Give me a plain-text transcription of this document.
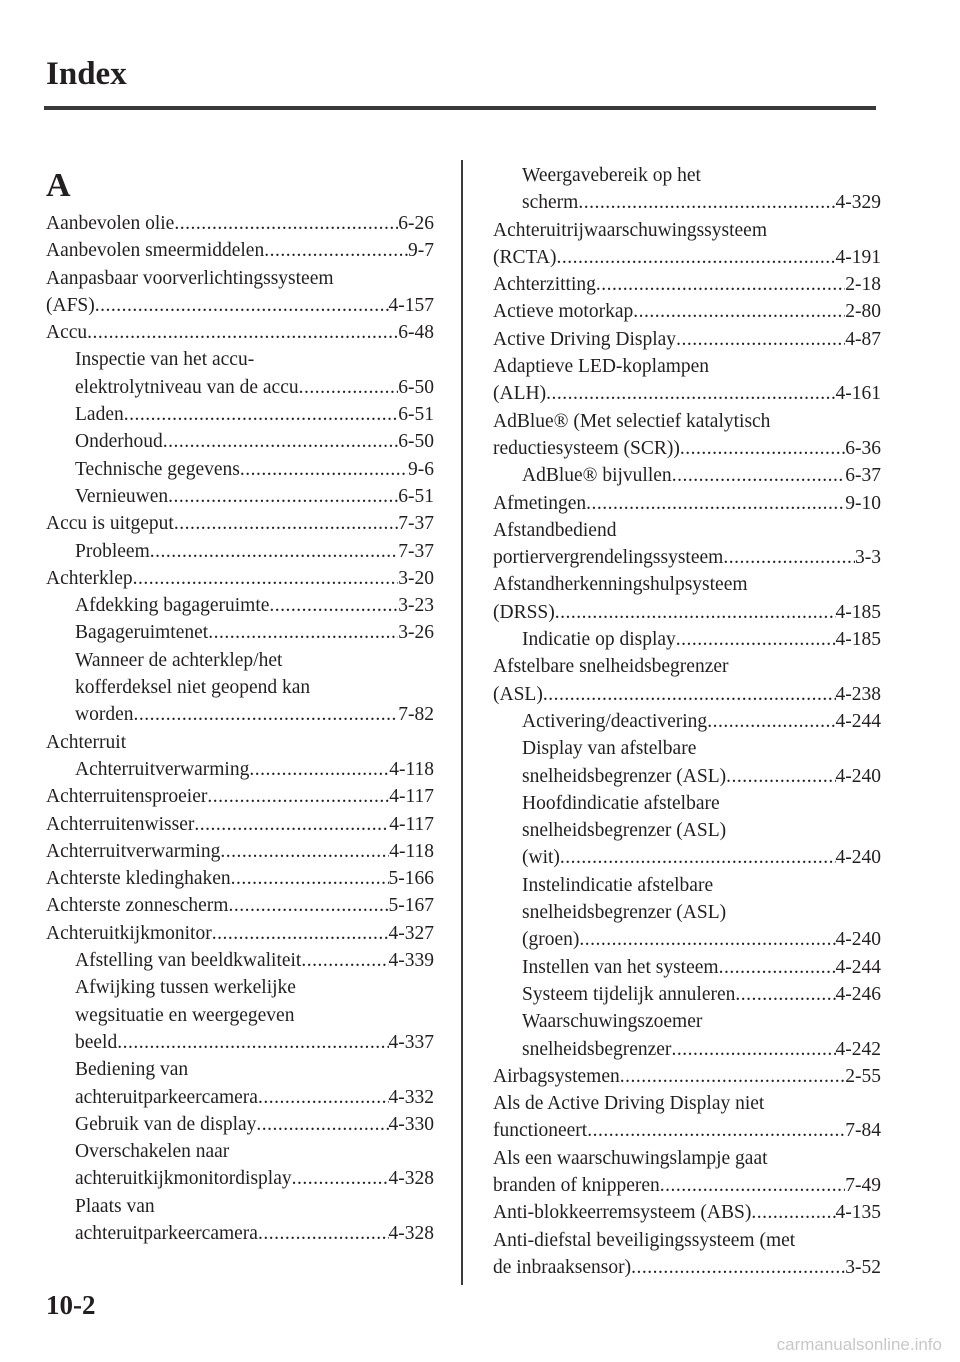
Index
A
Aanbevolen olie .....	6-26
Aanbevolen smeermiddelen .....	9-7
Aanpasbaar voorverlichtingssysteem
(AFS) .....	4-157
Accu .....	6-48
Inspectie van het accu-
elektrolytniveau van de accu .....	6-50
Laden .....	6-51
Onderhoud .....	6-50
Technische gegevens .....	9-6
Vernieuwen .....	6-51
Accu is uitgeput .....	7-37
Probleem .....	7-37
Achterklep .....	3-20
Afdekking bagageruimte .....	3-23
Bagageruimtenet .....	3-26
Wanneer de achterklep/het
kofferdeksel niet geopend kan
worden .....	7-82
Achterruit
Achterruitverwarming .....	4-118
Achterruitensproeier .....	4-117
Achterruitenwisser .....	4-117
Achterruitverwarming .....	4-118
Achterste kledinghaken .....	5-166
Achterste zonnescherm .....	5-167
Achteruitkijkmonitor .....	4-327
Afstelling van beeldkwaliteit .....	4-339
Afwijking tussen werkelijke
wegsituatie en weergegeven
beeld .....	4-337
Bediening van
achteruitparkeercamera .....	4-332
Gebruik van de display .....	4-330
Overschakelen naar
achteruitkijkmonitordisplay .....	4-328
Plaats van
achteruitparkeercamera .....	4-328
Weergavebereik op het
scherm .....	4-329
Achteruitrijwaarschuwingssysteem
(RCTA) .....	4-191
Achterzitting .....	2-18
Actieve motorkap .....	2-80
Active Driving Display .....	4-87
Adaptieve LED-koplampen
(ALH) .....	4-161
AdBlue® (Met selectief katalytisch
reductiesysteem (SCR)) .....	6-36
AdBlue® bijvullen .....	6-37
Afmetingen .....	9-10
Afstandbediend
portiervergrendelingssysteem .....	3-3
Afstandherkenningshulpsysteem
(DRSS) .....	4-185
Indicatie op display .....	4-185
Afstelbare snelheidsbegrenzer
(ASL) .....	4-238
Activering/deactivering .....	4-244
Display van afstelbare
snelheidsbegrenzer (ASL) .....	4-240
Hoofdindicatie afstelbare
snelheidsbegrenzer (ASL)
(wit) .....	4-240
Instelindicatie afstelbare
snelheidsbegrenzer (ASL)
(groen) .....	4-240
Instellen van het systeem .....	4-244
Systeem tijdelijk annuleren .....	4-246
Waarschuwingszoemer
snelheidsbegrenzer .....	4-242
Airbagsystemen .....	2-55
Als de Active Driving Display niet
functioneert .....	7-84
Als een waarschuwingslampje gaat
branden of knipperen .....	7-49
Anti-blokkeerremsysteem (ABS) .....	4-135
Anti-diefstal beveiligingssysteem (met
de inbraaksensor) .....	3-52
10-2
carmanualsonline.info
